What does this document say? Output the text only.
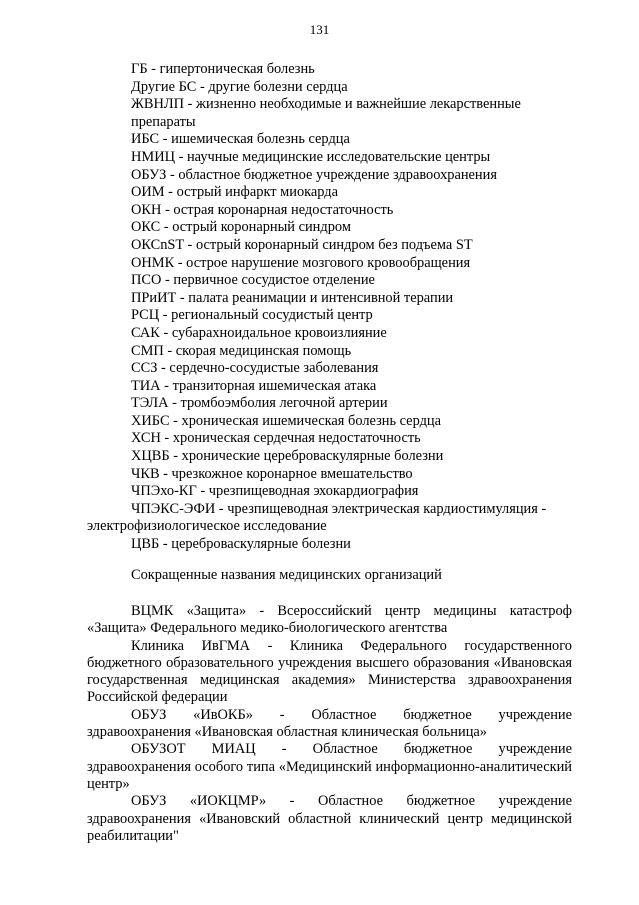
131
ГБ - гипертоническая болезнь
Другие БС - другие болезни сердца
ЖВНЛП - жизненно необходимые и важнейшие лекарственные
препараты
ИБС - ишемическая болезнь сердца
НМИЦ - научные медицинские исследовательские центры
ОБУЗ - областное бюджетное учреждение здравоохранения
ОИМ - острый инфаркт миокарда
ОКН - острая коронарная недостаточность
ОКС - острый коронарный синдром
ОКСnST - острый коронарный синдром без подъема ST
ОНМК - острое нарушение мозгового кровообращения
ПСО - первичное сосудистое отделение
ПРиИТ - палата реанимации и интенсивной терапии
РСЦ - региональный сосудистый центр
САК - субарахноидальное кровоизлияние
СМП - скорая медицинская помощь
ССЗ - сердечно-сосудистые заболевания
ТИА - транзиторная ишемическая атака
ТЭЛА - тромбоэмболия легочной артерии
ХИБС - хроническая ишемическая болезнь сердца
ХСН - хроническая сердечная недостаточность
ХЦВБ - хронические цереброваскулярные болезни
ЧКВ - чрезкожное коронарное вмешательство
ЧПЭхо-КГ - чрезпищеводная эхокардиография
ЧПЭКС-ЭФИ - чрезпищеводная электрическая кардиостимуляция -
электрофизиологическое исследование
ЦВБ - цереброваскулярные болезни
Сокращенные названия медицинских организаций

ВЦМК «Защита» - Всероссийский центр медицины катастроф

«Защита» Федерального медико-биологического агентства

Клиника ИвГМА - Клиника Федерального государственного

бюджетного образовательного учреждения высшего образования «Ивановская государственная медицинская академия» Министерства здравоохранения Российской федерации

ОБУЗ «ИвОКБ» - Областное бюджетное учреждение

здравоохранения «Ивановская областная клиническая больница»

ОБУЗОТ МИАЦ - Областное бюджетное учреждение

здравоохранения особого типа «Медицинский информационно-аналитический центр»

ОБУЗ «ИОКЦМР» - Областное бюджетное учреждение

здравоохранения «Ивановский областной клинический центр медицинской реабилитации"
